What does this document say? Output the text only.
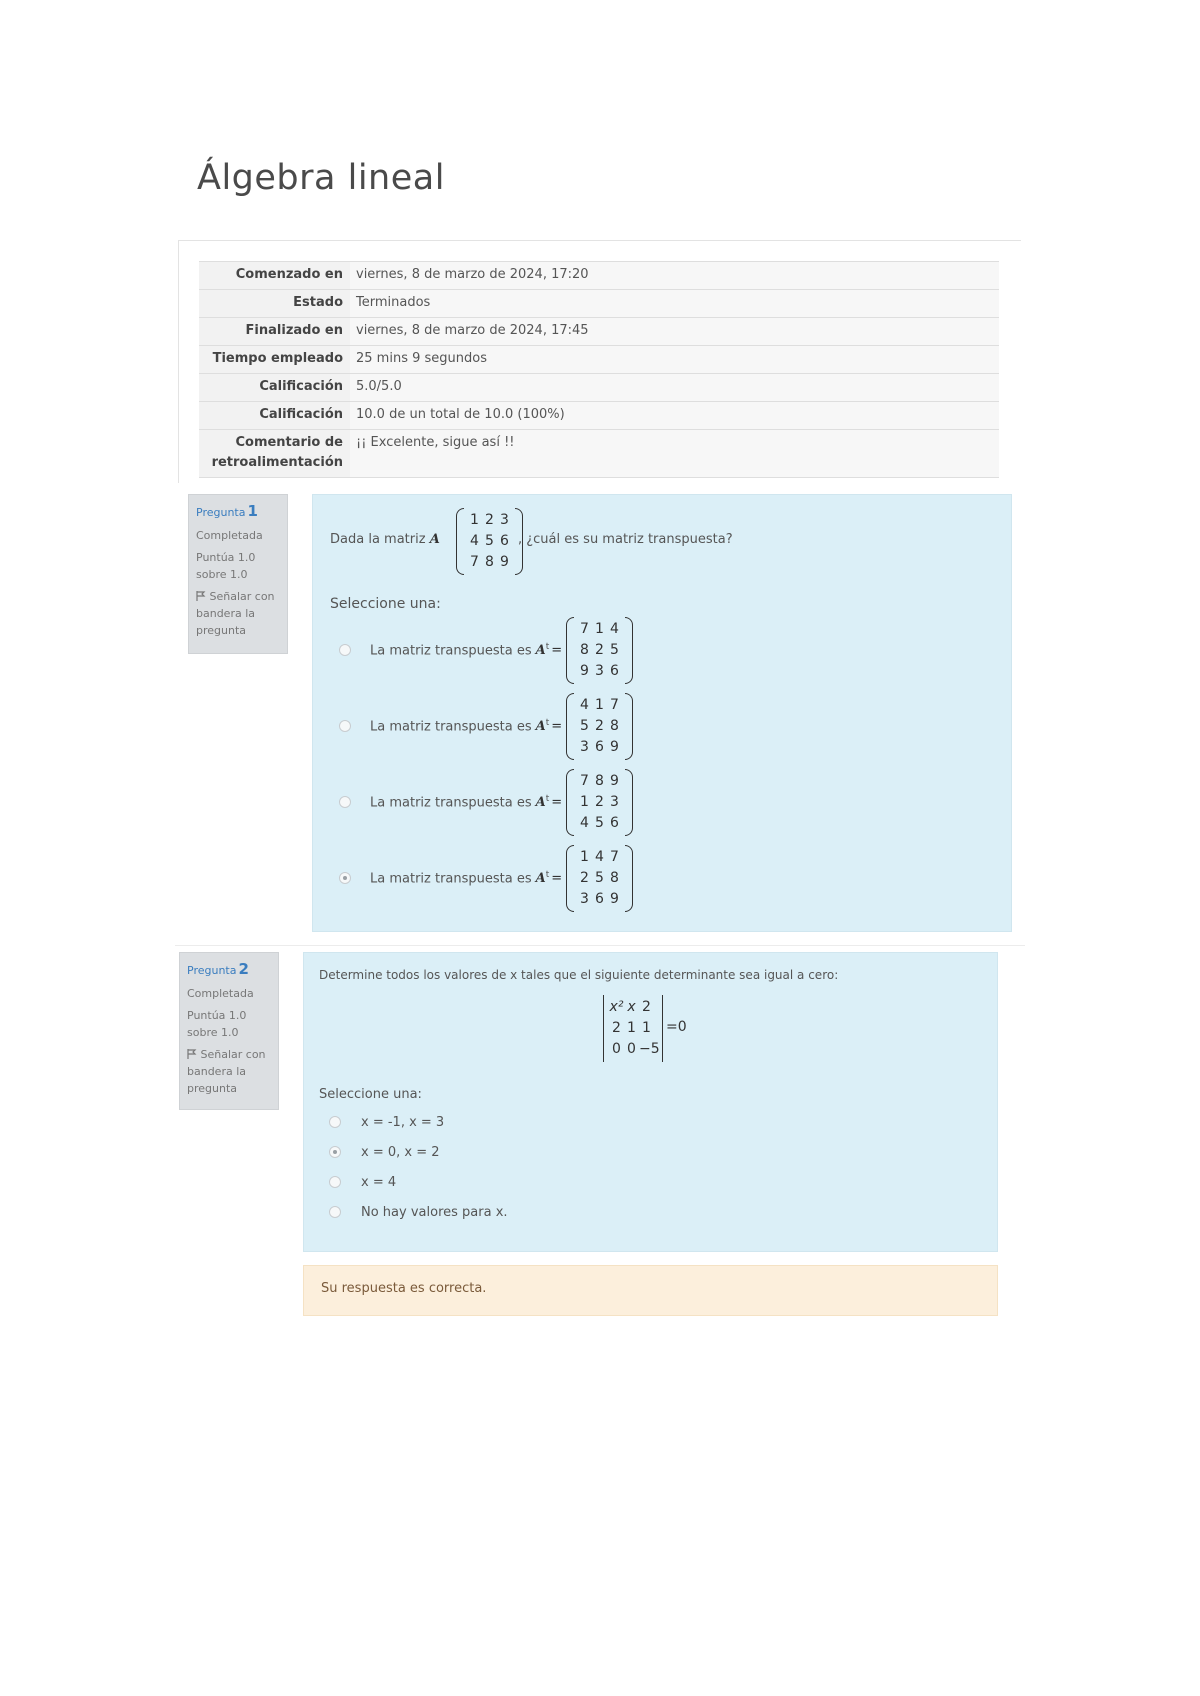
Álgebra lineal
Comenzado en	viernes, 8 de marzo de 2024, 17:20
Estado	Terminados
Finalizado en	viernes, 8 de marzo de 2024, 17:45
Tiempo empleado	25 mins 9 segundos
Calificación	5.0/5.0
Calificación	10.0 de un total de 10.0 (100%)
Comentario de retroalimentación	¡¡ Excelente, sigue así !!
Pregunta 1
Completada
Puntúa 1.0 sobre 1.0
Señalar con bandera la pregunta
Dada la matriz A
1 2 3
4 5 6
7 8 9
, ¿cuál es su matriz transpuesta?
Seleccione una:
La matriz transpuesta es $A^t$ =
7 1 4
8 2 5
9 3 6
La matriz transpuesta es $A^t$ =
4 1 7
5 2 8
3 6 9
La matriz transpuesta es $A^t$ =
7 8 9
1 2 3
4 5 6
La matriz transpuesta es $A^t$ =
1 4 7
2 5 8
3 6 9
Pregunta 2
Completada
Puntúa 1.0 sobre 1.0
Señalar con bandera la pregunta
Determine todos los valores de x tales que el siguiente determinante sea igual a cero:
x² x 2
2 1 1
0 0 −5
=0
Seleccione una:
x = -1, x = 3
x = 0, x = 2
x = 4
No hay valores para x.
Su respuesta es correcta.
